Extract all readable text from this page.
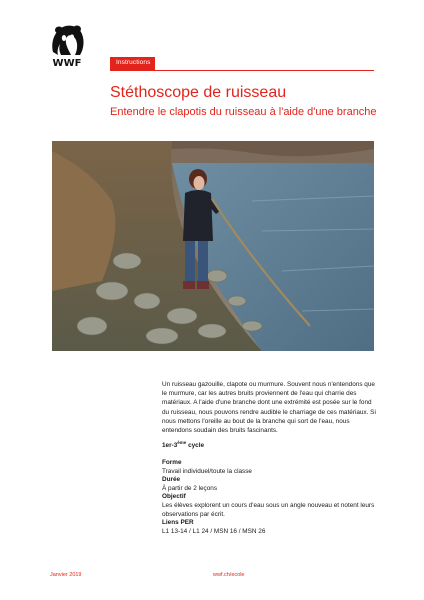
WWF	Instructions
Stéthoscope de ruisseau
Entendre le clapotis du ruisseau à l'aide d'une branche

Un ruisseau gazouille, clapote ou murmure. Souvent nous n'entendons que le murmure, car les autres bruits proviennent de l'eau qui charrie des matériaux. A l'aide d'une branche dont une extrémité est posée sur le fond du ruisseau, nous pouvons rendre audible le charriage de ces matériaux. Si nous mettons l'oreille au bout de la branche qui sort de l'eau, nous entendons soudain des bruits fascinants.

1er-3ème cycle
Forme
Travail individuel/toute la classe
Durée
À partir de 2 leçons
Objectif
Les élèves explorent un cours d'eau sous un angle nouveau et notent leurs observations par écrit.
Liens PER
L1 13-14 / L1 24 / MSN 16 / MSN 26
Janvier 2019	wwf.ch/ecole
